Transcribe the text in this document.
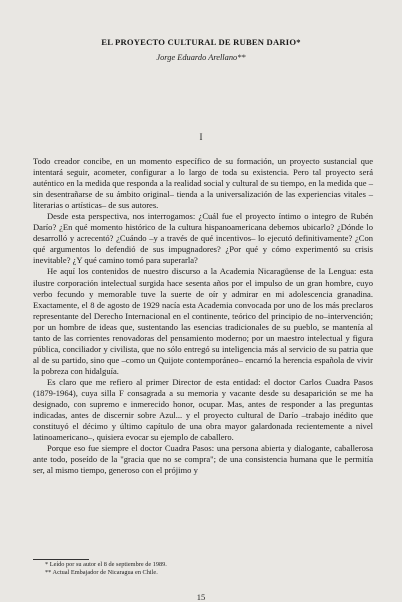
EL PROYECTO CULTURAL DE RUBEN DARIO*
Jorge Eduardo Arellano**
I

Todo creador concibe, en un momento específico de su formación, un proyecto sustancial que intentará seguir, acometer, configurar a lo largo de toda su existencia. Pero tal proyecto será auténtico en la medida que responda a la realidad social y cultural de su tiempo, en la medida que –sin desentrañarse de su ámbito original– tienda a la universalización de las experiencias vitales –literarias o artísticas– de sus autores.

Desde esta perspectiva, nos interrogamos: ¿Cuál fue el proyecto íntimo o integro de Rubén Darío? ¿En qué momento histórico de la cultura hispanoamericana debemos ubicarlo? ¿Dónde lo desarrolló y acrecentó? ¿Cuándo –y a través de qué incentivos– lo ejecutó definitivamente? ¿Con qué argumentos lo defendió de sus impugnadores? ¿Por qué y cómo experimentó su crisis inevitable? ¿Y qué camino tomó para superarla?

He aquí los contenidos de nuestro discurso a la Academia Nicaragüense de la Lengua: esta ilustre corporación intelectual surgida hace sesenta años por el impulso de un gran hombre, cuyo verbo fecundo y memorable tuve la suerte de oír y admirar en mi adolescencia granadina. Exactamente, el 8 de agosto de 1929 nacía esta Academia convocada por uno de los más preclaros representante del Derecho Internacional en el continente, teórico del principio de no–intervención; por un hombre de ideas que, sustentando las esencias tradicionales de su pueblo, se mantenía al tanto de las corrientes renovadoras del pensamiento moderno; por un maestro intelectual y figura pública, conciliador y civilista, que no sólo entregó su inteligencia más al servicio de su patria que al de su partido, sino que –como un Quijote contemporáneo– encarnó la herencia española de vivir la pobreza con hidalguía.

Es claro que me refiero al primer Director de esta entidad: el doctor Carlos Cuadra Pasos (1879-1964), cuya silla F consagrada a su memoria y vacante desde su desaparición se me ha designado, con supremo e inmerecido honor, ocupar. Mas, antes de responder a las preguntas indicadas, antes de discernir sobre Azul... y el proyecto cultural de Darío –trabajo inédito que constituyó el décimo y último capítulo de una obra mayor galardonada recientemente a nivel latinoamericano–, quisiera evocar su ejemplo de caballero.

Porque eso fue siempre el doctor Cuadra Pasos: una persona abierta y dialogante, caballerosa ante todo, poseído de la "gracia que no se compra"; de una consistencia humana que le permitía ser, al mismo tiempo, generoso con el prójimo y

* Leído por su autor el 8 de septiembre de 1989.
** Actual Embajador de Nicaragua en Chile.
15
